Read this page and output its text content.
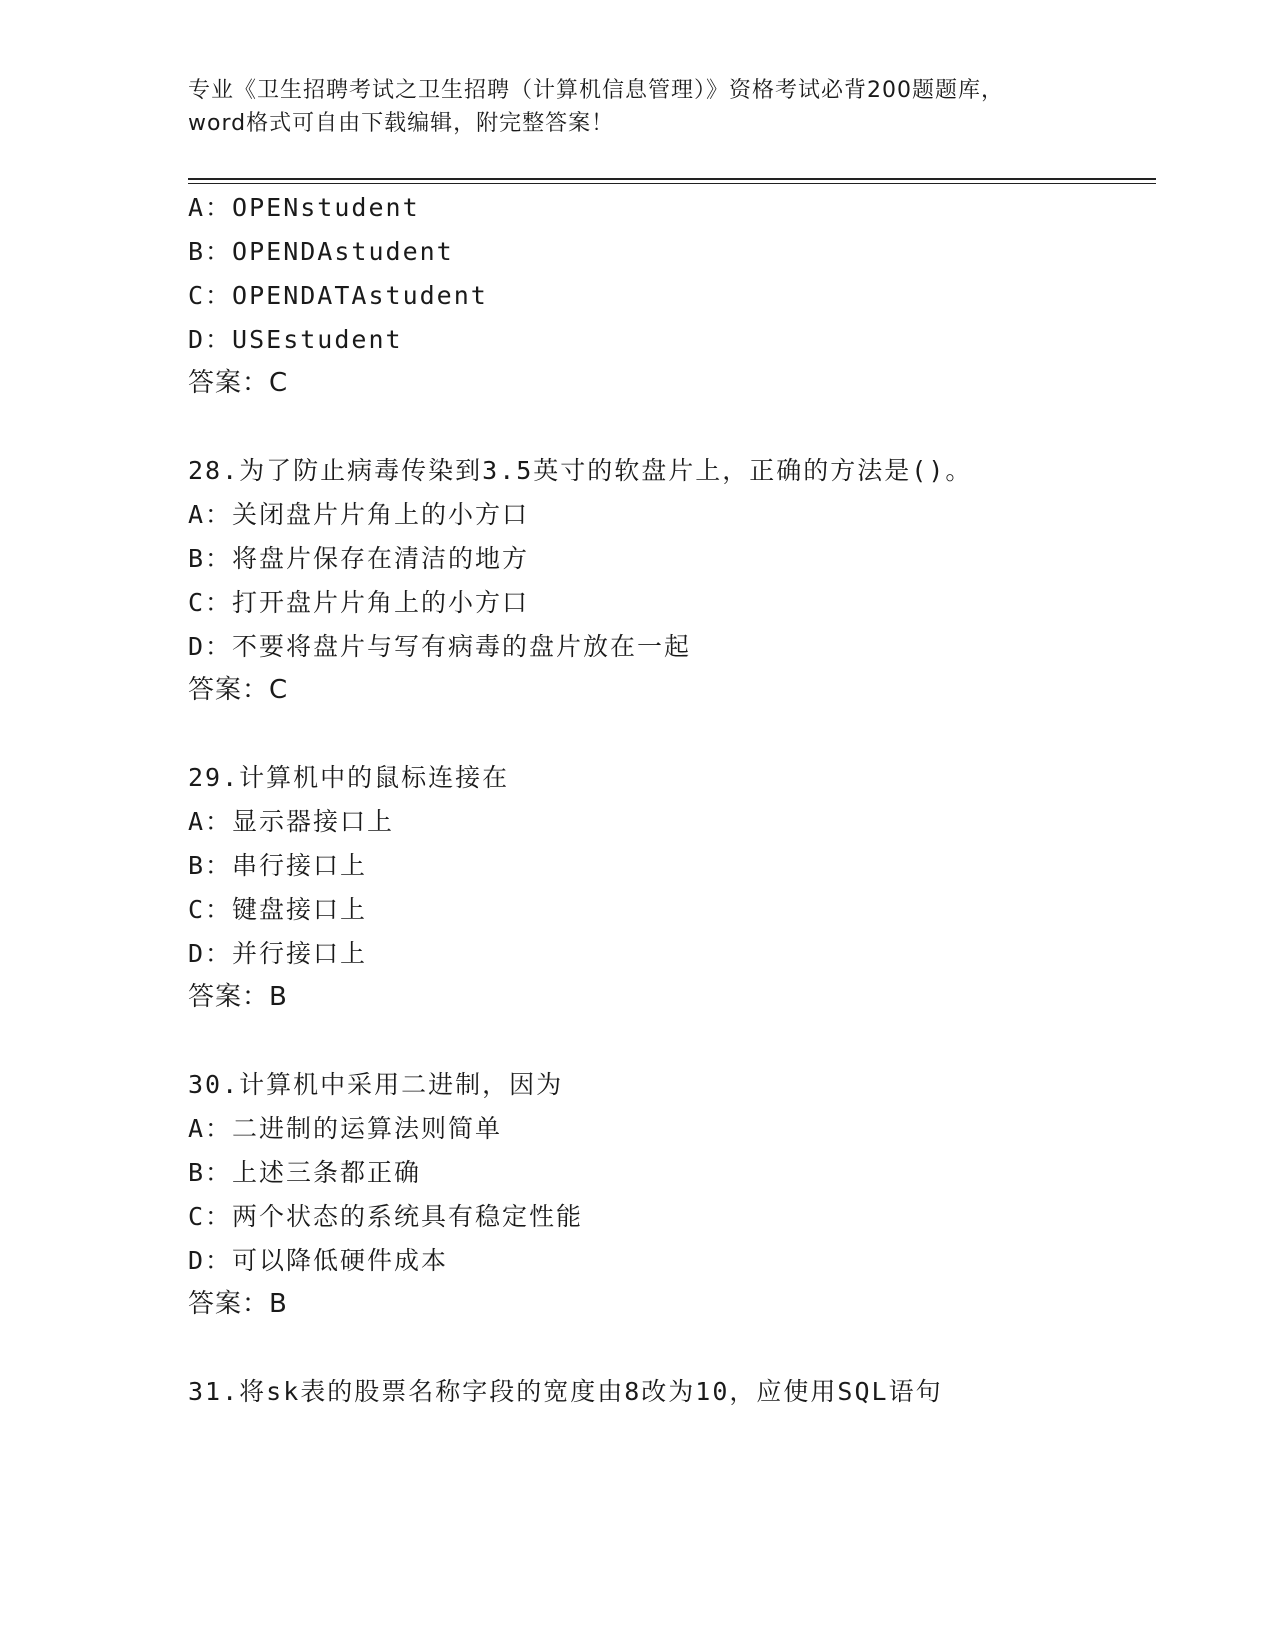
专业《卫生招聘考试之卫生招聘（计算机信息管理）》资格考试必背200题题库，
word格式可自由下载编辑，附完整答案！
A：OPENstudent
B：OPENDAstudent
C：OPENDATAstudent
D：USEstudent
答案：C
28.为了防止病毒传染到3.5英寸的软盘片上，正确的方法是()。
A：关闭盘片片角上的小方口
B：将盘片保存在清洁的地方
C：打开盘片片角上的小方口
D：不要将盘片与写有病毒的盘片放在一起
答案：C
29.计算机中的鼠标连接在
A：显示器接口上
B：串行接口上
C：键盘接口上
D：并行接口上
答案：B
30.计算机中采用二进制，因为
A：二进制的运算法则简单
B：上述三条都正确
C：两个状态的系统具有稳定性能
D：可以降低硬件成本
答案：B
31.将sk表的股票名称字段的宽度由8改为10，应使用SQL语句
